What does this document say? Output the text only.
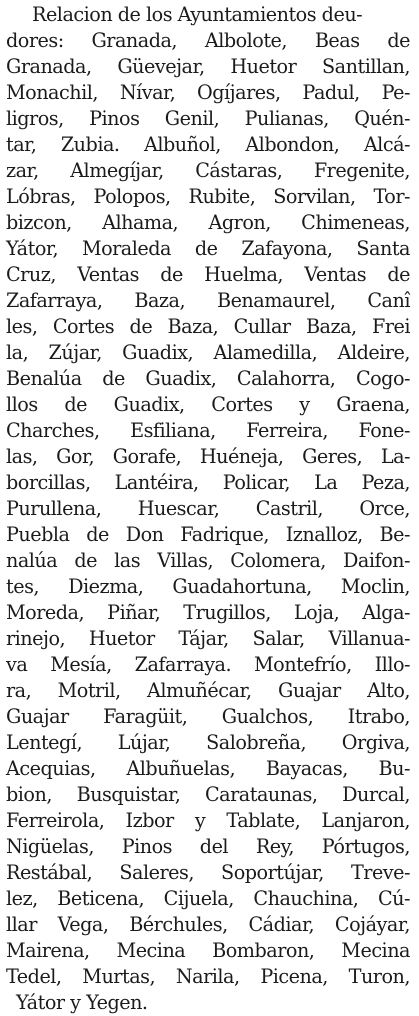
Relacion de los Ayuntamientos deu-
dores: Granada, Albolote, Beas de
Granada, Güevejar, Huetor Santillan,
Monachil, Nívar, Ogíjares, Padul, Pe-
ligros, Pinos Genil, Pulianas, Quén-
tar, Zubia. Albuñol, Albondon, Alcá-
zar, Almegíjar, Cástaras, Fregenite,
Lóbras, Polopos, Rubite, Sorvilan, Tor-
bizcon, Alhama, Agron, Chimeneas,
Yátor, Moraleda de Zafayona, Santa
Cruz, Ventas de Huelma, Ventas de
Zafarraya, Baza, Benamaurel, Canî
les, Cortes de Baza, Cullar Baza, Frei
la, Zújar, Guadix, Alamedilla, Aldeire,
Benalúa de Guadix, Calahorra, Cogo-
llos de Guadix, Cortes y Graena,
Charches, Esfiliana, Ferreira, Fone-
las, Gor, Gorafe, Huéneja, Geres, La-
borcillas, Lantéira, Policar, La Peza,
Purullena, Huescar, Castril, Orce,
Puebla de Don Fadrique, Iznalloz, Be-
nalúa de las Villas, Colomera, Daifon-
tes, Diezma, Guadahortuna, Moclin,
Moreda, Piñar, Trugillos, Loja, Alga-
rinejo, Huetor Tájar, Salar, Villanua-
va Mesía, Zafarraya. Montefrío, Illo-
ra, Motril, Almuñécar, Guajar Alto,
Guajar Faragüit, Gualchos, Itrabo,
Lentegí, Lújar, Salobreña, Orgiva,
Acequias, Albuñuelas, Bayacas, Bu-
bion, Busquistar, Carataunas, Durcal,
Ferreirola, Izbor y Tablate, Lanjaron,
Nigüelas, Pinos del Rey, Pórtugos,
Restábal, Saleres, Soportújar, Treve-
lez, Beticena, Cijuela, Chauchina, Cú-
llar Vega, Bérchules, Cádiar, Cojáyar,
Mairena, Mecina Bombaron, Mecina
Tedel, Murtas, Narila, Picena, Turon,
Yátor y Yegen.
